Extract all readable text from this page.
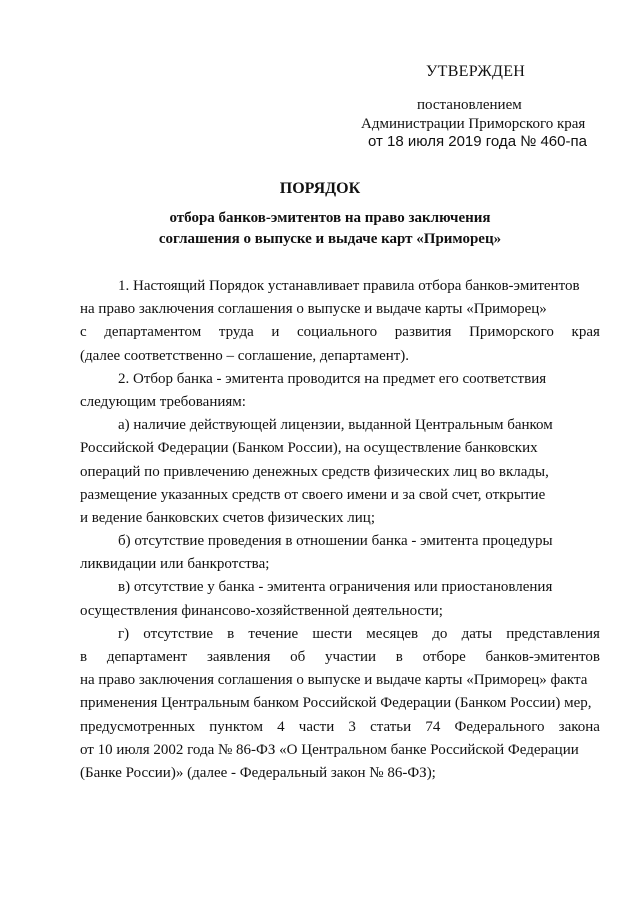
УТВЕРЖДЕН
постановлением
Администрации Приморского края
от 18 июля 2019 года № 460-па
ПОРЯДОК
отбора банков-эмитентов на право заключения
соглашения о выпуске и выдаче карт «Приморец»
1. Настоящий Порядок устанавливает правила отбора банков-эмитентов
на право заключения соглашения о выпуске и выдаче карты «Приморец»
с департаментом труда и социального развития Приморского края
(далее соответственно – соглашение, департамент).
2. Отбор банка - эмитента проводится на предмет его соответствия
следующим требованиям:
а) наличие действующей лицензии, выданной Центральным банком
Российской Федерации (Банком России), на осуществление банковских
операций по привлечению денежных средств физических лиц во вклады,
размещение указанных средств от своего имени и за свой счет, открытие
и ведение банковских счетов физических лиц;
б) отсутствие проведения в отношении банка - эмитента процедуры
ликвидации или банкротства;
в) отсутствие у банка - эмитента ограничения или приостановления
осуществления финансово-хозяйственной деятельности;
г) отсутствие в течение шести месяцев до даты представления
в департамент заявления об участии в отборе банков-эмитентов
на право заключения соглашения о выпуске и выдаче карты «Приморец» факта
применения Центральным банком Российской Федерации (Банком России) мер,
предусмотренных пунктом 4 части 3 статьи 74 Федерального закона
от 10 июля 2002 года № 86-ФЗ «О Центральном банке Российской Федерации
(Банке России)» (далее - Федеральный закон № 86-ФЗ);
